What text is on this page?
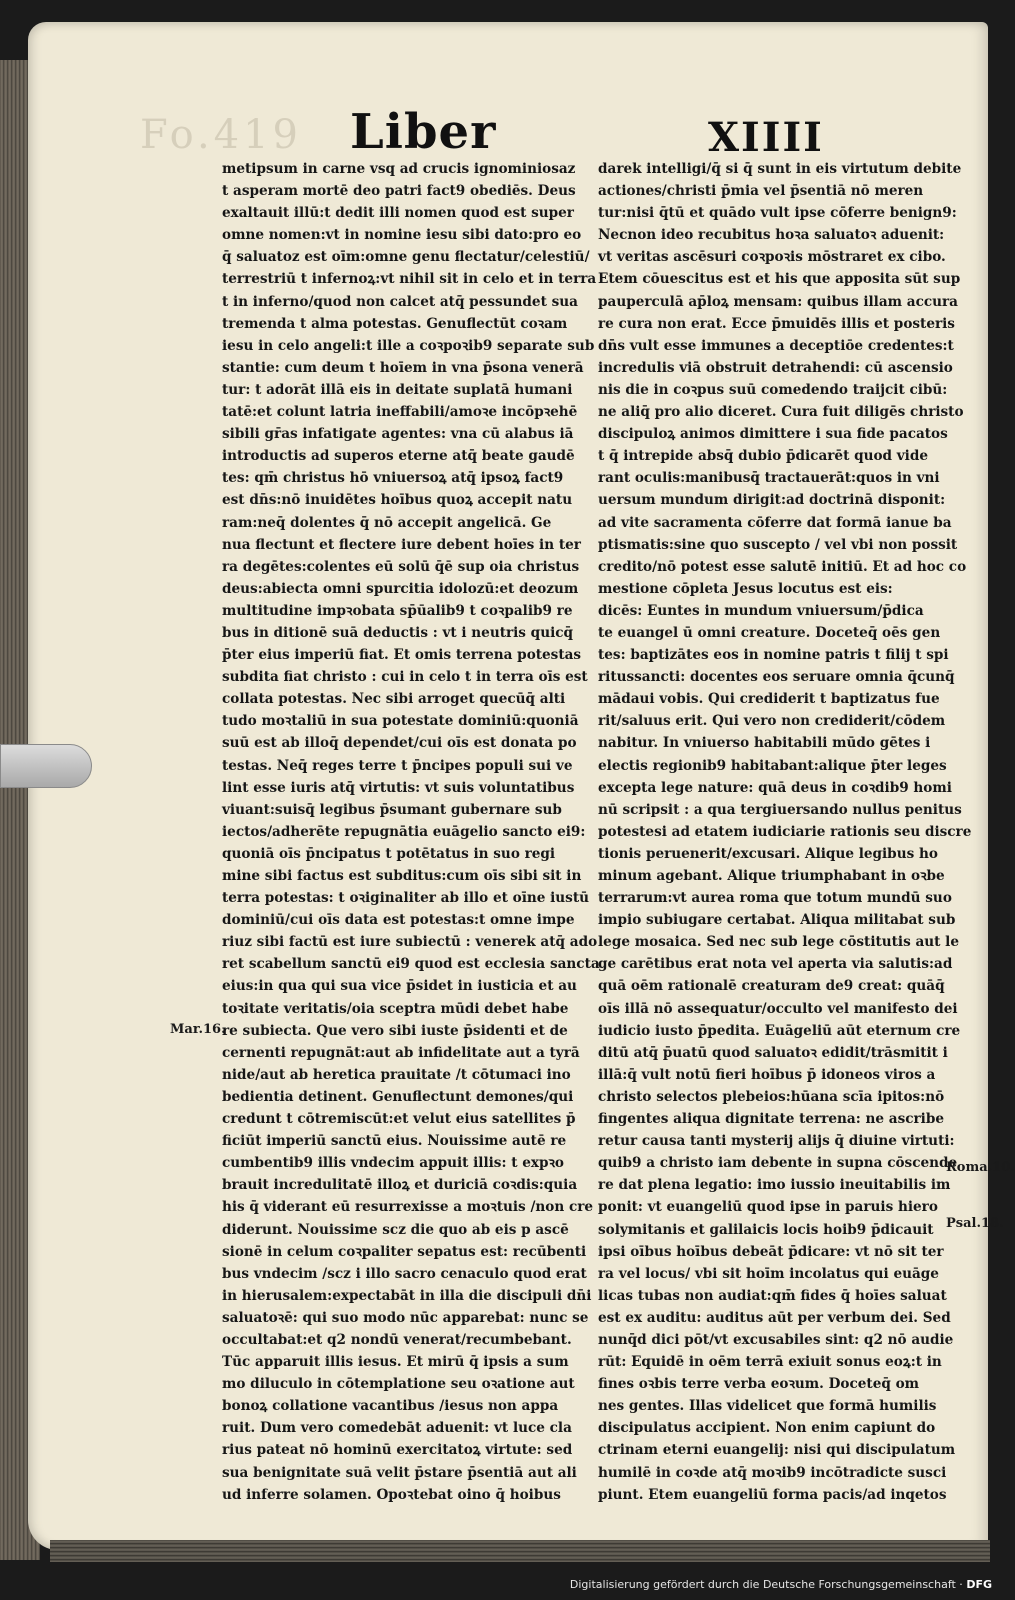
Fo.419 Liber	XIIII
metipsum in carne vsq ad crucis ignominiosaz
t asperam mortē deo patri fact9 obediēs. Deus
exaltauit illū:t dedit illi nomen quod est super
omne nomen:vt in nomine iesu sibi dato:pro eo
q̄ saluatoz est oīm:omne genu flectatur/celestiū/
terrestriū t infernoꝝ:vt nihil sit in celo et in terra
t in inferno/quod non calcet atq̄ pessundet sua
tremenda t alma potestas. Genuflectūt coꝛam
iesu in celo angeli:t ille a coꝛpoꝛib9 separate sub
stantie: cum deum t hoīem in vna p̄sona venerā
tur: t adorāt illā eis in deitate suplatā humani
tatē:et colunt latria ineffabili/amoꝛe incōpꝛehē
sibili gr̄as infatigate agentes: vna cū alabus iā
introductis ad superos eterne atq̄ beate gaudē
tes: qm̄ christus hō vniuersoꝝ atq̄ ipsoꝝ fact9
est dn̄s:nō inuidētes hoībus quoꝝ accepit natu
ram:neq̄ dolentes q̄ nō accepit angelicā. Ge
nua flectunt et flectere iure debent hoīes in ter
ra degētes:colentes eū solū q̄ē sup oia christus
deus:abiecta omni spurcitia idolozū:et deozum
multitudine impꝛobata sp̄ūalib9 t coꝛpalib9 re
bus in ditionē suā deductis : vt i neutris quicq̄
p̄ter eius imperiū fiat. Et omis terrena potestas
subdita fiat christo : cui in celo t in terra oīs est
collata potestas. Nec sibi arroget quecūq̄ alti
tudo moꝛtaliū in sua potestate dominiū:quoniā
suū est ab illoq̄ dependet/cui oīs est donata po
testas. Neq̄ reges terre t p̄ncipes populi sui ve
lint esse iuris atq̄ virtutis: vt suis voluntatibus
viuant:suisq̄ legibus p̄sumant gubernare sub
iectos/adherēte repugnātia euāgelio sancto ei9:
quoniā oīs p̄ncipatus t potētatus in suo regi
mine sibi factus est subditus:cum oīs sibi sit in
terra potestas: t oꝛiginaliter ab illo et oīne iustū
dominiū/cui oīs data est potestas:t omne impe
riuz sibi factū est iure subiectū : venerek atq̄ ado
ret scabellum sanctū ei9 quod est ecclesia sancta
eius:in qua qui sua vice p̄sidet in iusticia et au
toꝛitate veritatis/oia sceptra mūdi debet habe
re subiecta. Que vero sibi iuste p̄sidenti et de
cernenti repugnāt:aut ab infidelitate aut a tyrā
nide/aut ab heretica prauitate /t cōtumaci ino
bedientia detinent. Genuflectunt demones/qui
credunt t cōtremiscūt:et velut eius satellites p̄
ficiūt imperiū sanctū eius. Nouissime autē re
cumbentib9 illis vndecim appuit illis: t expꝛo
brauit incredulitatē illoꝝ et duriciā coꝛdis:quia
his q̄ viderant eū resurrexisse a moꝛtuis /non cre
diderunt. Nouissime scz die quo ab eis p ascē
sionē in celum coꝛpaliter sepatus est: recūbenti
bus vndecim /scz i illo sacro cenaculo quod erat
in hierusalem:expectabāt in illa die discipuli dn̄i
saluatoꝛē: qui suo modo nūc apparebat: nunc se
occultabat:et q2 nondū venerat/recumbebant.
Tūc apparuit illis iesus. Et mirū q̄ ipsis a sum
mo diluculo in cōtemplatione seu oꝛatione aut
bonoꝝ collatione vacantibus /iesus non appa
ruit. Dum vero comedebāt aduenit: vt luce cla
rius pateat nō hominū exercitatoꝝ virtute: sed
sua benignitate suā velit p̄stare p̄sentiā aut ali
ud inferre solamen. Opoꝛtebat oino q̄ hoibus
darek intelligi/q̄ si q̄ sunt in eis virtutum debite
actiones/christi p̄mia vel p̄sentiā nō meren
tur:nisi q̄tū et quādo vult ipse cōferre benign9:
Necnon ideo recubitus hoꝛa saluatoꝛ aduenit:
vt veritas ascēsuri coꝛpoꝛis mōstraret ex cibo.
Etem cōuescitus est et his que apposita sūt sup
pauperculā ap̄loꝝ mensam: quibus illam accura
re cura non erat. Ecce p̄muidēs illis et posteris
dn̄s vult esse immunes a deceptiōe credentes:t
incredulis viā obstruit detrahendi: cū ascensio
nis die in coꝛpus suū comedendo traijcit cibū:
ne aliq̄ pro alio diceret. Cura fuit diligēs christo
discipuloꝝ animos dimittere i sua fide pacatos
t q̄ intrepide absq̄ dubio p̄dicarēt quod vide
rant oculis:manibusq̄ tractauerāt:quos in vni
uersum mundum dirigit:ad doctrinā disponit:
ad vite sacramenta cōferre dat formā ianue ba
ptismatis:sine quo suscepto / vel vbi non possit
credito/nō potest esse salutē initiū. Et ad hoc co
mestione cōpleta Jesus locutus est eis:
dicēs: Euntes in mundum vniuersum/p̄dica
te euangel ū omni creature. Doceteq̄ oēs gen
tes: baptizātes eos in nomine patris t filij t spi
ritussancti: docentes eos seruare omnia q̄cunq̄
mādaui vobis. Qui crediderit t baptizatus fue
rit/saluus erit. Qui vero non crediderit/cōdem
nabitur. In vniuerso habitabili mūdo gētes i
electis regionib9 habitabant:alique p̄ter leges
excepta lege nature: quā deus in coꝛdib9 homi
nū scripsit : a qua tergiuersando nullus penitus
potestesi ad etatem iudiciarie rationis seu discre
tionis peruenerit/excusari. Alique legibus ho
minum agebant. Alique triumphabant in oꝛbe
terrarum:vt aurea roma que totum mundū suo
impio subiugare certabat. Aliqua militabat sub
lege mosaica. Sed nec sub lege cōstitutis aut le
ge carētibus erat nota vel aperta via salutis:ad
quā oēm rationalē creaturam de9 creat: quāq̄
oīs illā nō assequatur/occulto vel manifesto dei
iudicio iusto p̄pedita. Euāgeliū aūt eternum cre
ditū atq̄ p̄uatū quod saluatoꝛ edidit/trāsmitit i
illā:q̄ vult notū fieri hoībus p̄ idoneos viros a
christo selectos plebeios:hūana scīa ipitos:nō
fingentes aliqua dignitate terrena: ne ascribe
retur causa tanti mysterij alijs q̄ diuine virtuti:
quib9 a christo iam debente in supna cōscende
re dat plena legatio: imo iussio ineuitabilis im
ponit: vt euangeliū quod ipse in paruis hiero
solymitanis et galilaicis locis hoib9 p̄dicauit
ipsi oībus hoībus debeāt p̄dicare: vt nō sit ter
ra vel locus/ vbi sit hoīm incolatus qui euāge
licas tubas non audiat:qm̄ fides q̄ hoīes saluat
est ex auditu: auditus aūt per verbum dei. Sed
nunq̄d dici pōt/vt excusabiles sint: q2 nō audie
rūt: Equidē in oēm terrā exiuit sonus eoꝝ:t in
fines oꝛbis terre verba eoꝛum. Doceteq̄ om
nes gentes. Illas videlicet que formā humilis
discipulatus accipient. Non enim capiunt do
ctrinam eterni euangelij: nisi qui discipulatum
humilē in coꝛde atq̄ moꝛib9 incōtradicte susci
piunt. Etem euangeliū forma pacis/ad inqetos
Mar.16.
Roma.10.
Psal.18.
Digitalisierung gefördert durch die Deutsche Forschungsgemeinschaft · DFG
